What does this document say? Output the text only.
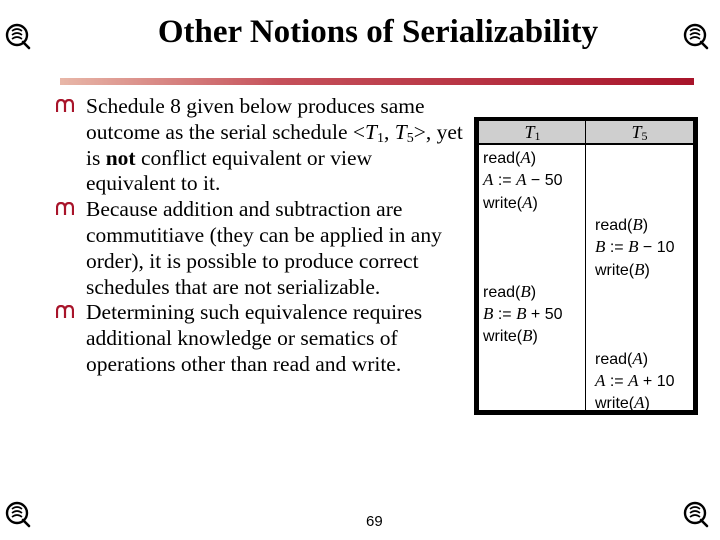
Other Notions of Serializability
Schedule 8 given below produces same outcome as the serial schedule $<T_1$, $T_5>$, yet is not conflict equivalent or view equivalent to it.
Because addition and subtraction are commutitiave (they can be applied in any order), it is possible to produce correct schedules that are not serializable.
Determining such equivalence requires additional knowledge or sematics of operations other than read and write.
$T_1$	$T_5$
read(A)
A := A − 50
write(A)
read(B)
B := B − 10
write(B)
read(B)
B := B + 50
write(B)
read(A)
A := A + 10
write(A)
69
